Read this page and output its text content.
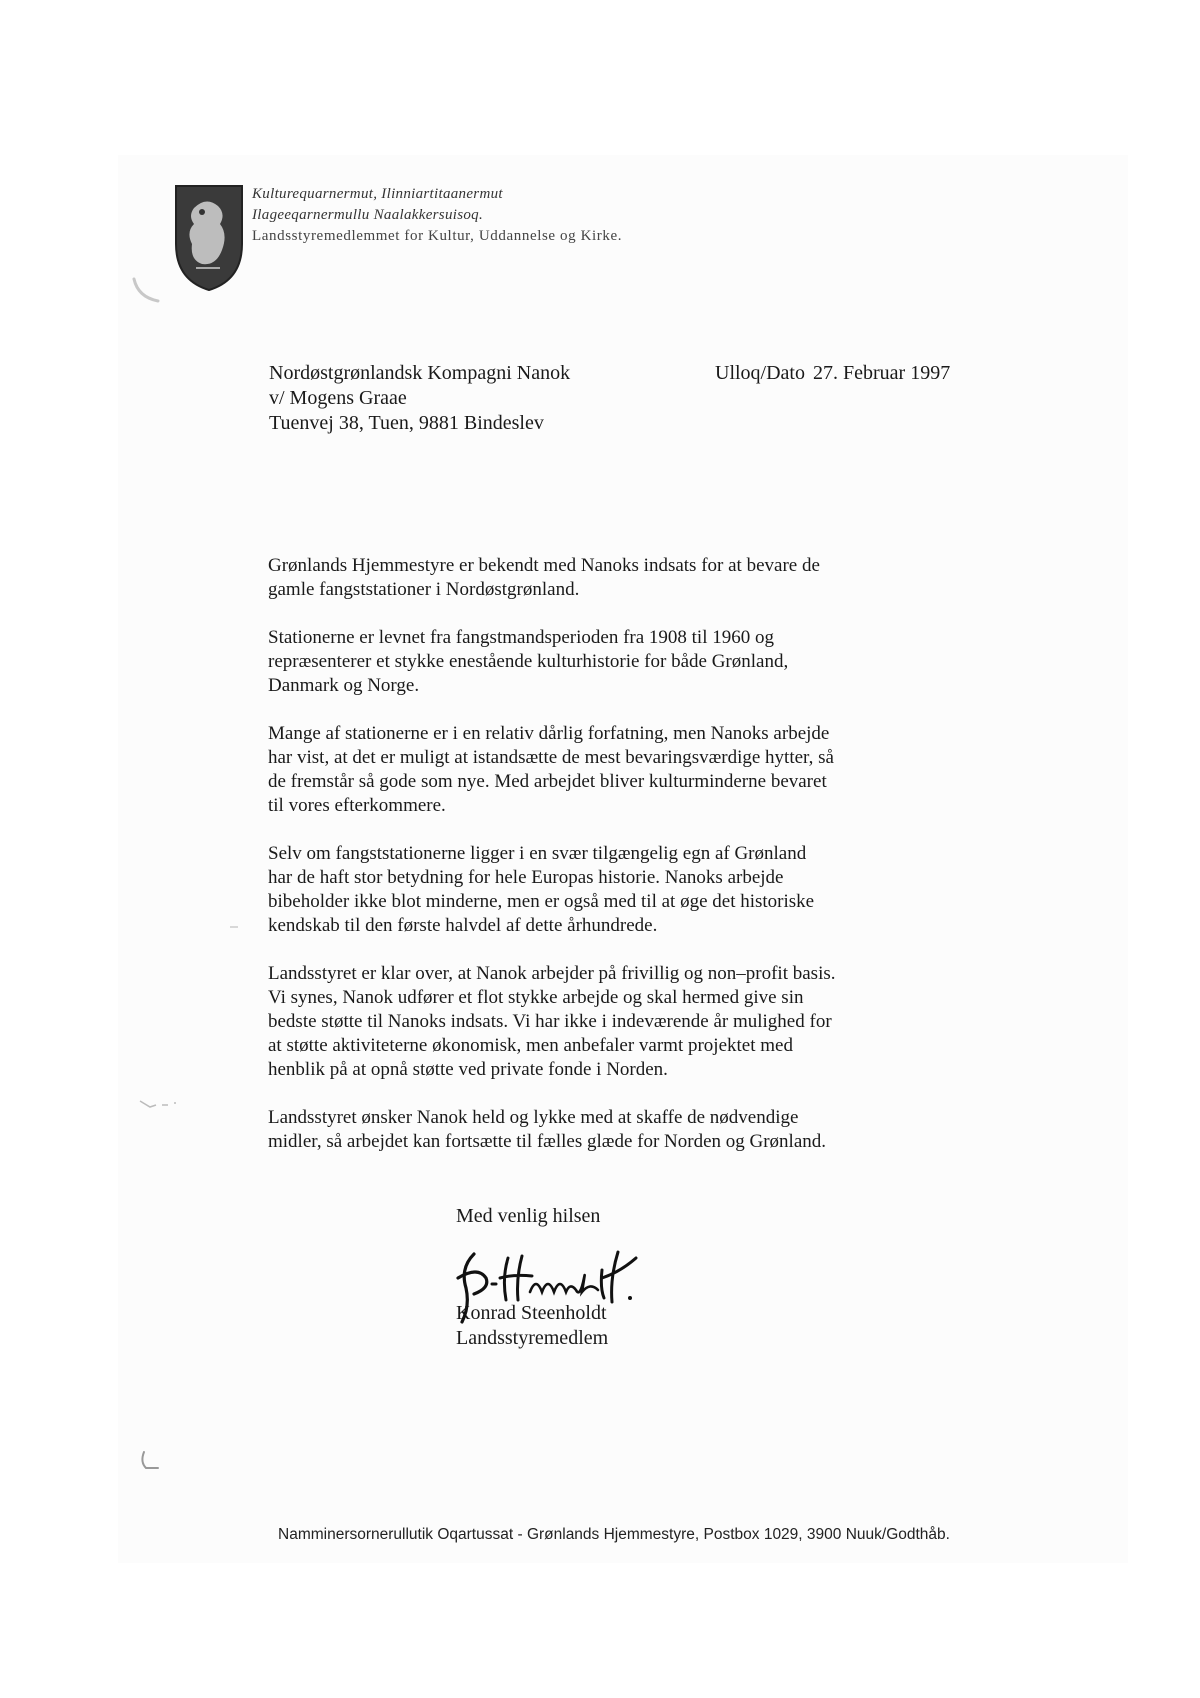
Kulturequarnermut, Ilinniartitaanermut
Ilageeqarnermullu Naalakkersuisoq.
Landsstyremedlemmet for Kultur, Uddannelse og Kirke.
Nordøstgrønlandsk Kompagni Nanok
v/ Mogens Graae
Tuenvej 38, Tuen, 9881 Bindeslev
Ulloq/Dato 27. Februar 1997
Grønlands Hjemmestyre er bekendt med Nanoks indsats for at bevare de
gamle fangststationer i Nordøstgrønland.
Stationerne er levnet fra fangstmandsperioden fra 1908 til 1960 og
repræsenterer et stykke enestående kulturhistorie for både Grønland,
Danmark og Norge.
Mange af stationerne er i en relativ dårlig forfatning, men Nanoks arbejde
har vist, at det er muligt at istandsætte de mest bevaringsværdige hytter, så
de fremstår så gode som nye. Med arbejdet bliver kulturminderne bevaret
til vores efterkommere.
Selv om fangststationerne ligger i en svær tilgængelig egn af Grønland
har de haft stor betydning for hele Europas historie. Nanoks arbejde
bibeholder ikke blot minderne, men er også med til at øge det historiske
kendskab til den første halvdel af dette århundrede.
Landsstyret er klar over, at Nanok arbejder på frivillig og non–profit basis.
Vi synes, Nanok udfører et flot stykke arbejde og skal hermed give sin
bedste støtte til Nanoks indsats. Vi har ikke i indeværende år mulighed for
at støtte aktiviteterne økonomisk, men anbefaler varmt projektet med
henblik på at opnå støtte ved private fonde i Norden.
Landsstyret ønsker Nanok held og lykke med at skaffe de nødvendige
midler, så arbejdet kan fortsætte til fælles glæde for Norden og Grønland.
Med venlig hilsen
Konrad Steenholdt
Landsstyremedlem
Namminersornerullutik Oqartussat - Grønlands Hjemmestyre, Postbox 1029, 3900 Nuuk/Godthåb.
